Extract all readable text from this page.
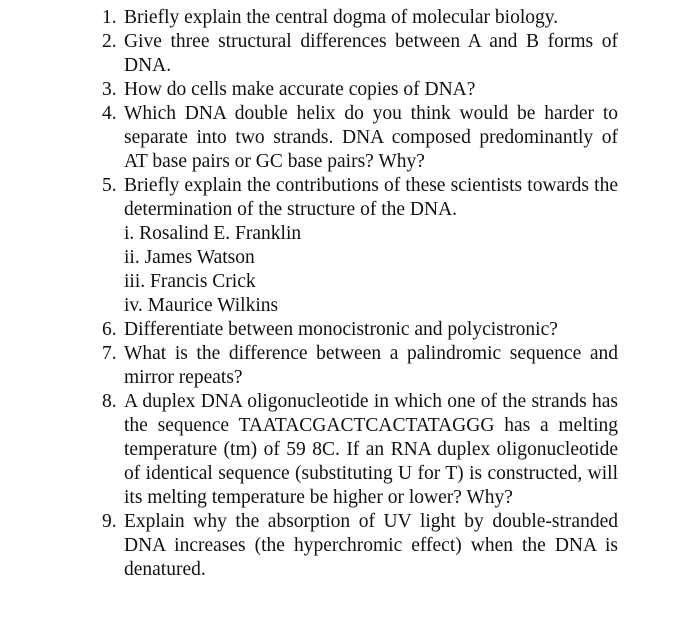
1. Briefly explain the central dogma of molecular biology.
2. Give three structural differences between A and B forms of DNA.
3. How do cells make accurate copies of DNA?
4. Which DNA double helix do you think would be harder to separate into two strands. DNA composed predominantly of AT base pairs or GC base pairs? Why?
5. Briefly explain the contributions of these scientists towards the determination of the structure of the DNA.
i. Rosalind E. Franklin
ii. James Watson
iii. Francis Crick
iv. Maurice Wilkins
6. Differentiate between monocistronic and polycistronic?
7. What is the difference between a palindromic sequence and mirror repeats?
8. A duplex DNA oligonucleotide in which one of the strands has the sequence TAATACGACTCACTATAGGG has a melting temperature (tm) of 59 8C. If an RNA duplex oligonucleotide of identical sequence (substituting U for T) is constructed, will its melting temperature be higher or lower? Why?
9. Explain why the absorption of UV light by double-stranded DNA increases (the hyperchromic effect) when the DNA is denatured.
